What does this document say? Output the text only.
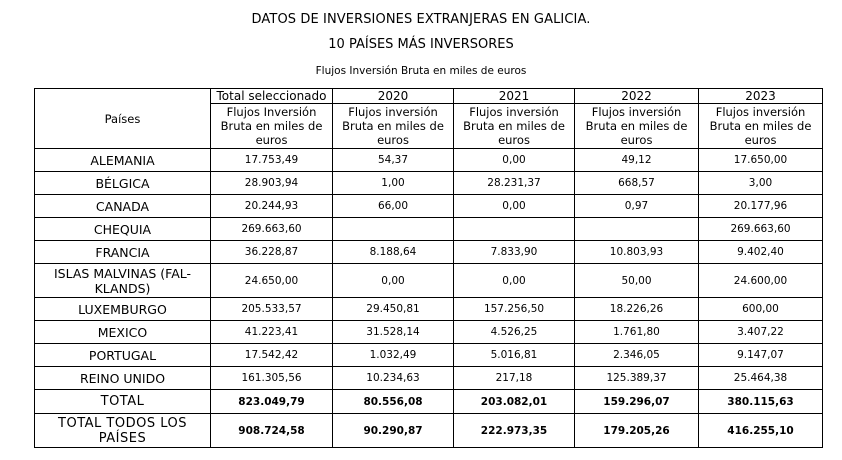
DATOS DE INVERSIONES EXTRANJERAS EN GALICIA.
10 PAÍSES MÁS INVERSORES
Flujos Inversión Bruta en miles de euros
Países	Total seleccionado	2020	2021	2022	2023
	Flujos Inversión Bruta en miles de euros	Flujos inversión Bruta en miles de euros	Flujos inversión Bruta en miles de euros	Flujos inversión Bruta en miles de euros	Flujos inversión Bruta en miles de euros
ALEMANIA	17.753,49	54,37	0,00	49,12	17.650,00
BÉLGICA	28.903,94	1,00	28.231,37	668,57	3,00
CANADA	20.244,93	66,00	0,00	0,97	20.177,96
CHEQUIA	269.663,60				269.663,60
FRANCIA	36.228,87	8.188,64	7.833,90	10.803,93	9.402,40
ISLAS MALVINAS (FAL-KLANDS)	24.650,00	0,00	0,00	50,00	24.600,00
LUXEMBURGO	205.533,57	29.450,81	157.256,50	18.226,26	600,00
MEXICO	41.223,41	31.528,14	4.526,25	1.761,80	3.407,22
PORTUGAL	17.542,42	1.032,49	5.016,81	2.346,05	9.147,07
REINO UNIDO	161.305,56	10.234,63	217,18	125.389,37	25.464,38
TOTAL	823.049,79	80.556,08	203.082,01	159.296,07	380.115,63
TOTAL TODOS LOS PAÍSES	908.724,58	90.290,87	222.973,35	179.205,26	416.255,10
